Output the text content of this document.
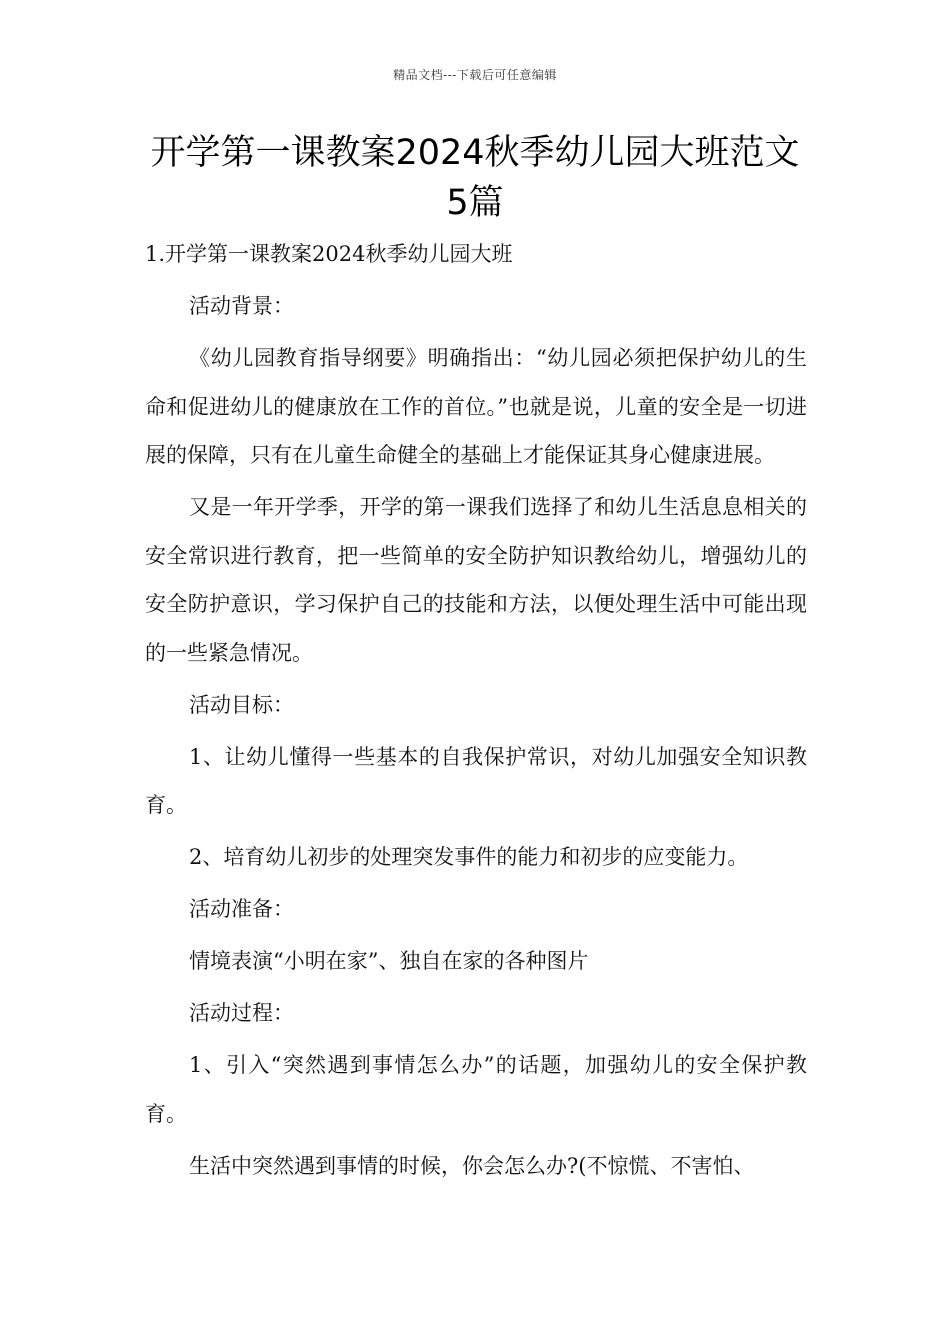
精品文档---下载后可任意编辑
开学第一课教案2024秋季幼儿园大班范文5篇

1.开学第一课教案2024秋季幼儿园大班

活动背景：

《幼儿园教育指导纲要》明确指出：“幼儿园必须把保护幼儿的生命和促进幼儿的健康放在工作的首位。”也就是说，儿童的安全是一切进展的保障，只有在儿童生命健全的基础上才能保证其身心健康进展。

又是一年开学季，开学的第一课我们选择了和幼儿生活息息相关的安全常识进行教育，把一些简单的安全防护知识教给幼儿，增强幼儿的安全防护意识，学习保护自己的技能和方法，以便处理生活中可能出现的一些紧急情况。

活动目标：

1、让幼儿懂得一些基本的自我保护常识，对幼儿加强安全知识教育。

2、培育幼儿初步的处理突发事件的能力和初步的应变能力。

活动准备：

情境表演“小明在家”、独自在家的各种图片

活动过程：

1、引入“突然遇到事情怎么办”的话题，加强幼儿的安全保护教育。

生活中突然遇到事情的时候，你会怎么办?(不惊慌、不害怕、
